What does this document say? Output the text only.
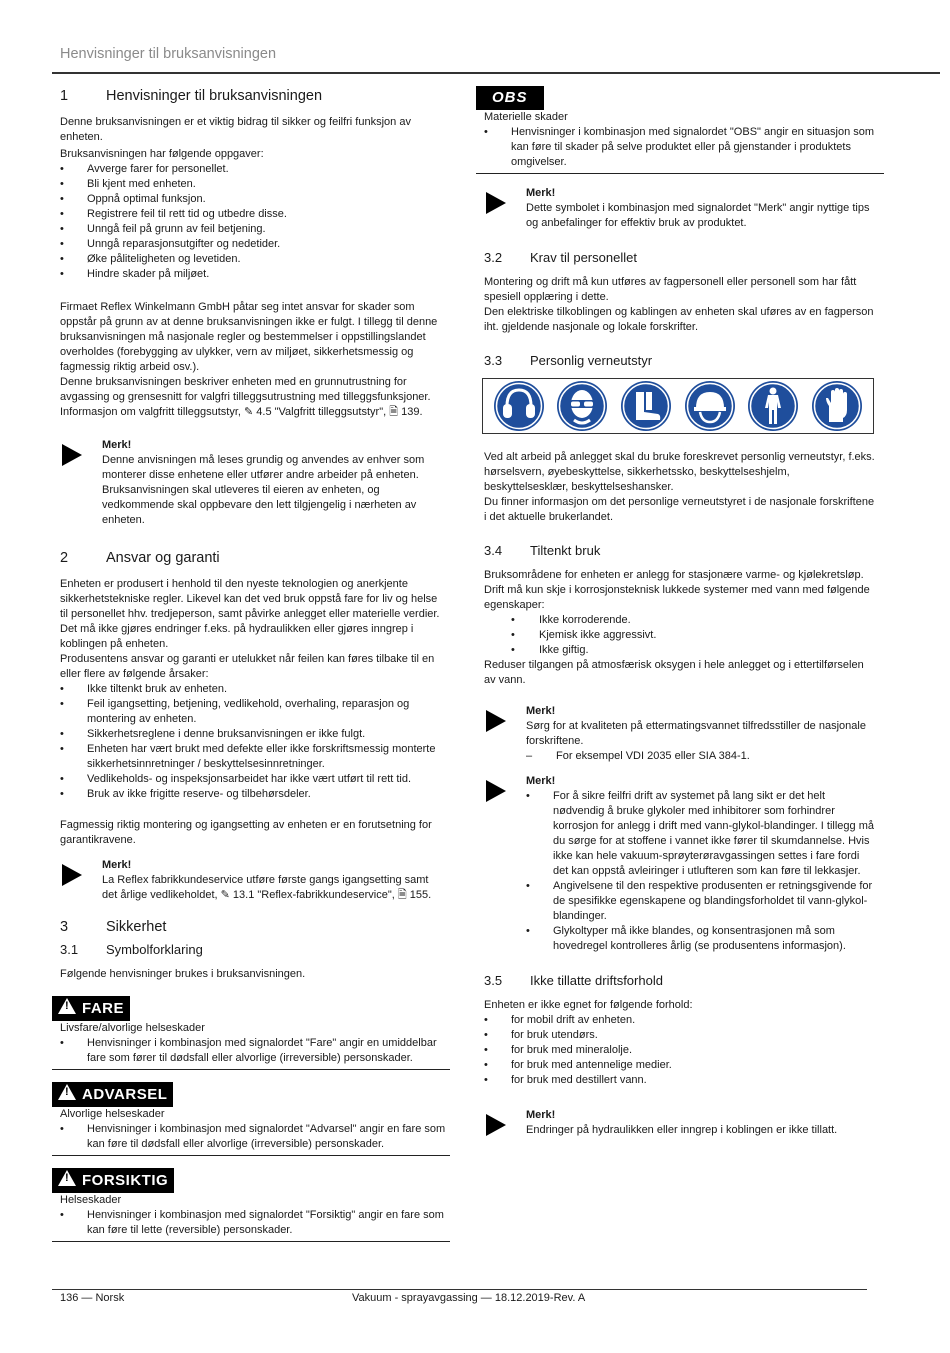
Henvisninger til bruksanvisningen
1	Henvisninger til bruksanvisningen

Denne bruksanvisningen er et viktig bidrag til sikker og feilfri funksjon av enheten.

Bruksanvisningen har følgende oppgaver:

• Avverge farer for personellet.
• Bli kjent med enheten.
• Oppnå optimal funksjon.
• Registrere feil til rett tid og utbedre disse.
• Unngå feil på grunn av feil betjening.
• Unngå reparasjonsutgifter og nedetider.
• Øke påliteligheten og levetiden.
• Hindre skader på miljøet.

Firmaet Reflex Winkelmann GmbH påtar seg intet ansvar for skader som oppstår på grunn av at denne bruksanvisningen ikke er fulgt. I tillegg til denne bruksanvisningen må nasjonale regler og bestemmelser i oppstillingslandet overholdes (forebygging av ulykker, vern av miljøet, sikkerhetsmessig og fagmessig riktig arbeid osv.).

Denne bruksanvisningen beskriver enheten med en grunnutrustning for avgassing og grensesnitt for valgfri tilleggsutrustning med tilleggsfunksjoner. Informasjon om valgfritt tilleggsutstyr, ✎ 4.5 "Valgfritt tilleggsutstyr", 🗎 139.

Merk!
Denne anvisningen må leses grundig og anvendes av enhver som monterer disse enhetene eller utfører andre arbeider på enheten. Bruksanvisningen skal utleveres til eieren av enheten, og vedkommende skal oppbevare den lett tilgjengelig i nærheten av enheten.
2	Ansvar og garanti

Enheten er produsert i henhold til den nyeste teknologien og anerkjente sikkerhetstekniske regler. Likevel kan det ved bruk oppstå fare for liv og helse til personellet hhv. tredjeperson, samt påvirke anlegget eller materielle verdier.

Det må ikke gjøres endringer f.eks. på hydraulikken eller gjøres inngrep i koblingen på enheten.

Produsentens ansvar og garanti er utelukket når feilen kan føres tilbake til en eller flere av følgende årsaker:

• Ikke tiltenkt bruk av enheten.
• Feil igangsetting, betjening, vedlikehold, overhaling, reparasjon og montering av enheten.
• Sikkerhetsreglene i denne bruksanvisningen er ikke fulgt.
• Enheten har vært brukt med defekte eller ikke forskriftsmessig monterte sikkerhetsinnretninger / beskyttelsesinnretninger.
• Vedlikeholds- og inspeksjonsarbeidet har ikke vært utført til rett tid.
• Bruk av ikke frigitte reserve- og tilbehørsdeler.

Fagmessig riktig montering og igangsetting av enheten er en forutsetning for garantikravene.

Merk!
La Reflex fabrikkundeservice utføre første gangs igangsetting samt det årlige vedlikeholdet, ✎ 13.1 "Reflex-fabrikkundeservice", 🗎 155.
3	Sikkerhet
3.1	Symbolforklaring

Følgende henvisninger brukes i bruksanvisningen.

! FARE
Livsfare/alvorlige helseskader
• Henvisninger i kombinasjon med signalordet "Fare" angir en umiddelbar fare som fører til dødsfall eller alvorlige (irreversible) personskader.
! ADVARSEL
Alvorlige helseskader
• Henvisninger i kombinasjon med signalordet "Advarsel" angir en fare som kan føre til dødsfall eller alvorlige (irreversible) personskader.
! FORSIKTIG
Helseskader
• Henvisninger i kombinasjon med signalordet "Forsiktig" angir en fare som kan føre til lette (reversible) personskader.
OBS
Materielle skader
• Henvisninger i kombinasjon med signalordet "OBS" angir en situasjon som kan føre til skader på selve produktet eller på gjenstander i produktets omgivelser.
Merk!
Dette symbolet i kombinasjon med signalordet "Merk" angir nyttige tips og anbefalinger for effektiv bruk av produktet.
3.2	Krav til personellet

Montering og drift må kun utføres av fagpersonell eller personell som har fått spesiell opplæring i dette.

Den elektriske tilkoblingen og kablingen av enheten skal uføres av en fagperson iht. gjeldende nasjonale og lokale forskrifter.

3.3	Personlig verneutstyr

Ved alt arbeid på anlegget skal du bruke foreskrevet personlig verneutstyr, f.eks. hørselsvern, øyebeskyttelse, sikkerhetssko, beskyttelseshjelm, beskyttelsesklær, beskyttelseshansker.

Du finner informasjon om det personlige verneutstyret i de nasjonale forskriftene i det aktuelle brukerlandet.

3.4	Tiltenkt bruk

Bruksområdene for enheten er anlegg for stasjonære varme- og kjølekretsløp.

Drift må kun skje i korrosjonsteknisk lukkede systemer med vann med følgende egenskaper:

• Ikke korroderende.
• Kjemisk ikke aggressivt.
• Ikke giftig.

Reduser tilgangen på atmosfærisk oksygen i hele anlegget og i ettertilførselen av vann.

Merk!
Sørg for at kvaliteten på ettermatingsvannet tilfredsstiller de nasjonale forskriftene.
– For eksempel VDI 2035 eller SIA 384-1.
Merk!
• For å sikre feilfri drift av systemet på lang sikt er det helt nødvendig å bruke glykoler med inhibitorer som forhindrer korrosjon for anlegg i drift med vann-glykol-blandinger. I tillegg må du sørge for at stoffene i vannet ikke fører til skumdannelse. Hvis ikke kan hele vakuum-sprøyterøravgassingen settes i fare fordi det kan oppstå avleiringer i utlufteren som kan føre til lekkasjer.
• Angivelsene til den respektive produsenten er retningsgivende for de spesifikke egenskapene og blandingsforholdet til vann-glykol-blandinger.
• Glykoltyper må ikke blandes, og konsentrasjonen må som hovedregel kontrolleres årlig (se produsentens informasjon).
3.5	Ikke tillatte driftsforhold

Enheten er ikke egnet for følgende forhold:

• for mobil drift av enheten.
• for bruk utendørs.
• for bruk med mineralolje.
• for bruk med antennelige medier.
• for bruk med destillert vann.
Merk!
Endringer på hydraulikken eller inngrep i koblingen er ikke tillatt.
136 — Norsk	Vakuum - sprayavgassing — 18.12.2019-Rev. A
